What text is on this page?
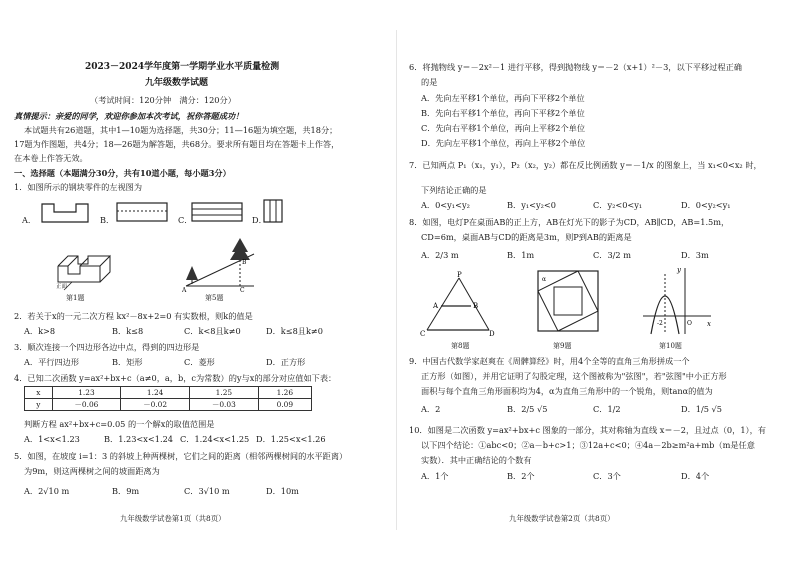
2023－2024学年度第一学期学业水平质量检测
九年级数学试题
（考试时间：120分钟　满分：120分）
真情提示：亲爱的同学，欢迎你参加本次考试，祝你答题成功！
本试题共有26道题，其中1—10题为选择题，共30分；11—16题为填空题，共18分；
17题为作图题，共4分；18—26题为解答题，共68分。要求所有题目均在答题卡上作答，
在本卷上作答无效。
一、选择题（本题满分30分，共有10道小题，每小题3分）
1．如图所示的钢块零件的左视图为
A．	B．	C．	D．
正面
第1题
A	C
B
第5题
2．若关于x的一元二次方程 kx²－8x+2=0 有实数根，则k的值是
A．k>8	B．k≤8	C．k<8且k≠0	D．k≤8且k≠0
3．顺次连接一个四边形各边中点，得到的四边形是
A．平行四边形	B．矩形	C．菱形	D．正方形
4．已知二次函数 y=ax²+bx+c（a≠0，a，b，c为常数）的y与x的部分对应值如下表：
x	1.23	1.24	1.25	1.26
y	－0.06	－0.02	－0.03	0.09
判断方程 ax²+bx+c=0.05 的一个解x的取值范围是
A．1<x<1.23	B．1.23<x<1.24 C．1.24<x<1.25 D．1.25<x<1.26
5．如图，在坡度 i=1：3 的斜坡上种两棵树，它们之间的距离（相邻两棵树间的水平距离）
为9m，则这两棵树之间的坡面距离为
A．2√10 m	B．9m	C．3√10 m	D．10m
九年级数学试卷第1页（共8页）
6．将抛物线 y＝－2x²－1 进行平移，得到抛物线 y＝－2（x+1）²－3，以下平移过程正确
的是
A．先向左平移1个单位，再向下平移2个单位
B．先向右平移1个单位，再向下平移2个单位
C．先向右平移1个单位，再向上平移2个单位
D．先向左平移1个单位，再向上平移2个单位
7．已知两点 P₁（x₁，y₁），P₂（x₂，y₂）都在反比例函数 y＝－1/x 的图象上，当 x₁<0<x₂ 时，
下列结论正确的是
A．0<y₁<y₂	B．y₁<y₂<0	C．y₂<0<y₁	D．0<y₂<y₁
8．如图，电灯P在桌面AB的正上方，AB在灯光下的影子为CD，AB∥CD，AB=1.5m，
CD=6m，桌面AB与CD的距离是3m，则P到AB的距离是
A．2/3 m	B．1m	C．3/2 m	D．3m
P
A	B
C	D
第8题
α
第9题
y
x
O
-2
第10题
9．中国古代数学家赵爽在《周髀算经》时，用4个全等的直角三角形拼成一个
正方形（如图），并用它证明了勾股定理，这个图被称为"弦图"，若"弦图"中小正方形
面积与每个直角三角形面积均为4，α为直角三角形中的一个锐角，则tanα的值为
A．2	B．2/5 √5	C．1/2	D．1/5 √5
10．如图是二次函数 y=ax²+bx+c 图象的一部分，其对称轴为直线 x＝－2，且过点（0，1），有
以下四个结论：①abc<0；②a－b+c>1；③12a+c<0；④4a－2b≥m²a+mb（m是任意
实数）．其中正确结论的个数有
A．1个	B．2个	C．3个	D．4个
九年级数学试卷第2页（共8页）
